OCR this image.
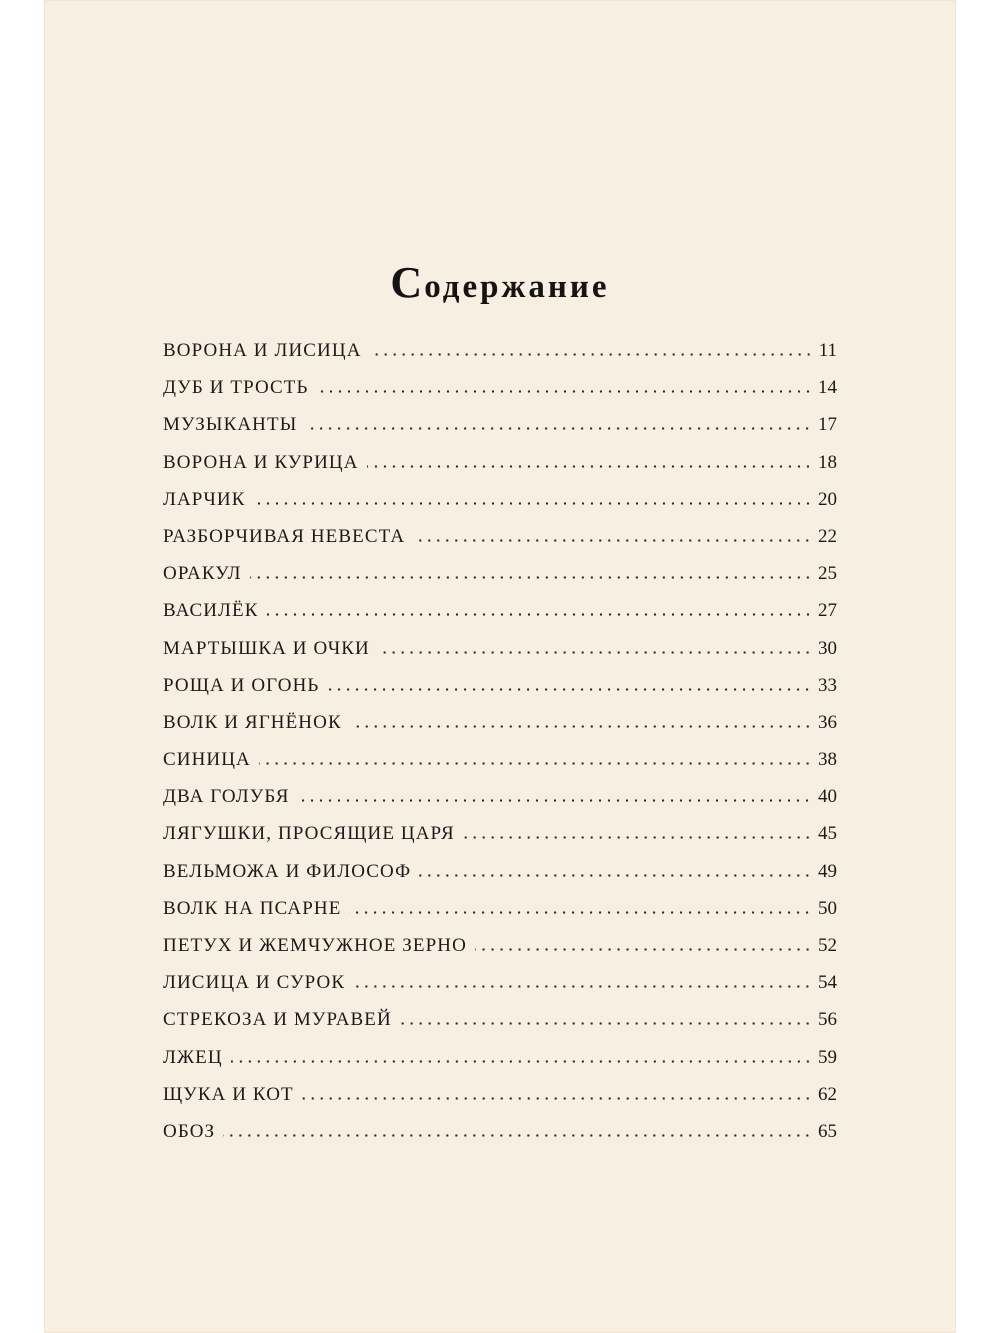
Содержание
ВОРОНА И ЛИСИЦА	11
ДУБ И ТРОСТЬ	14
МУЗЫКАНТЫ	17
ВОРОНА И КУРИЦА	18
ЛАРЧИК	20
РАЗБОРЧИВАЯ НЕВЕСТА	22
ОРАКУЛ	25
ВАСИЛЁК	27
МАРТЫШКА И ОЧКИ	30
РОЩА И ОГОНЬ	33
ВОЛК И ЯГНЁНОК	36
СИНИЦА	38
ДВА ГОЛУБЯ	40
ЛЯГУШКИ, ПРОСЯЩИЕ ЦАРЯ	45
ВЕЛЬМОЖА И ФИЛОСОФ	49
ВОЛК НА ПСАРНЕ	50
ПЕТУХ И ЖЕМЧУЖНОЕ ЗЕРНО	52
ЛИСИЦА И СУРОК	54
СТРЕКОЗА И МУРАВЕЙ	56
ЛЖЕЦ	59
ЩУКА И КОТ	62
ОБОЗ	65
